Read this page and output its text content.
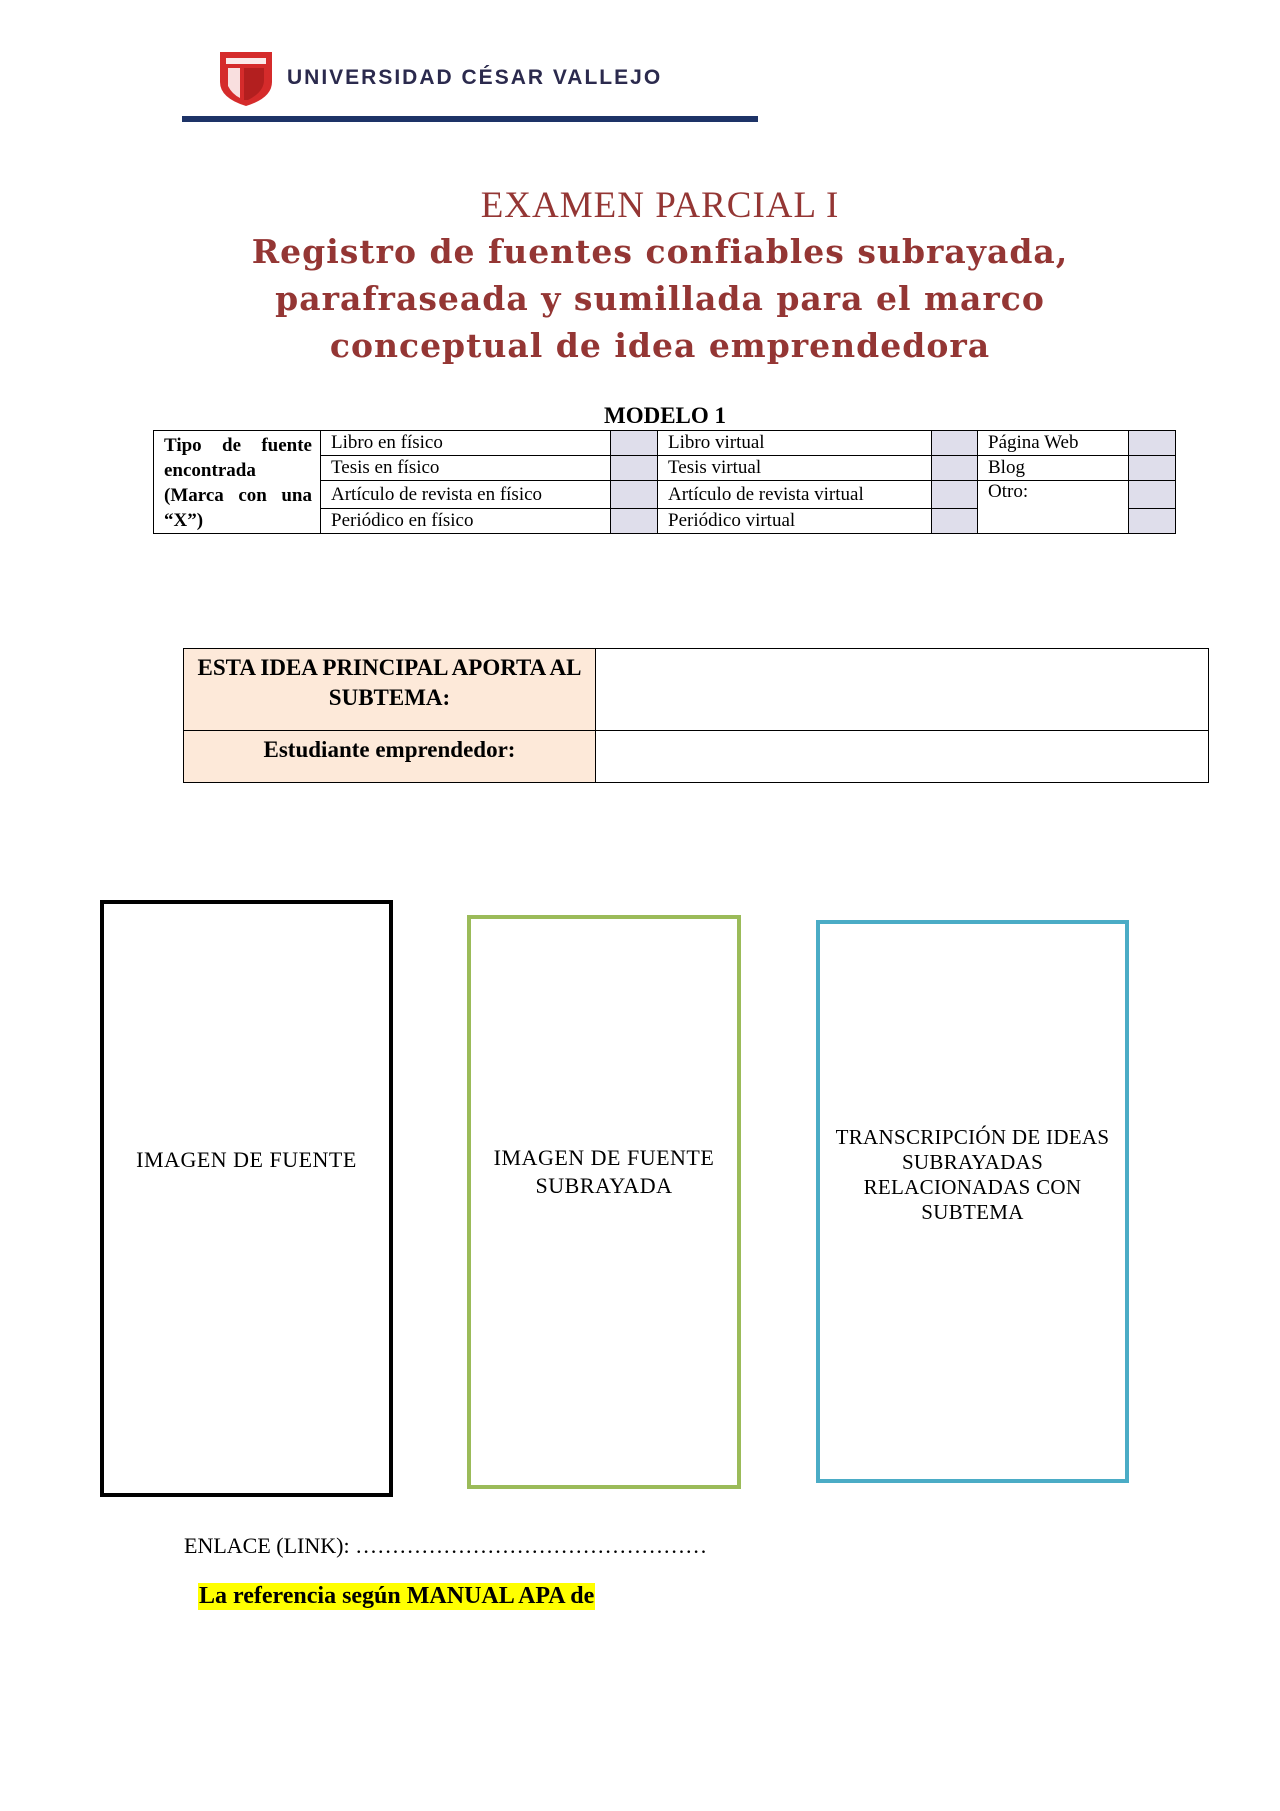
UNIVERSIDAD CÉSAR VALLEJO
EXAMEN PARCIAL I
Registro de fuentes confiables subrayada, parafraseada y sumillada para el marco conceptual de idea emprendedora
MODELO 1
Tipo de fuente encontrada (Marca con una “X”)	Libro en físico		Libro virtual		Página Web	
	Tesis en físico		Tesis virtual		Blog	
	Artículo de revista en físico		Artículo de revista virtual		Otro:	
	Periódico en físico		Periódico virtual			
ESTA IDEA PRINCIPAL APORTA AL SUBTEMA:	
Estudiante emprendedor:	
IMAGEN DE FUENTE	IMAGEN DE FUENTE SUBRAYADA
TRANSCRIPCIÓN DE IDEAS SUBRAYADAS RELACIONADAS CON SUBTEMA
ENLACE (LINK): …………………………………………
La referencia según MANUAL APA de
